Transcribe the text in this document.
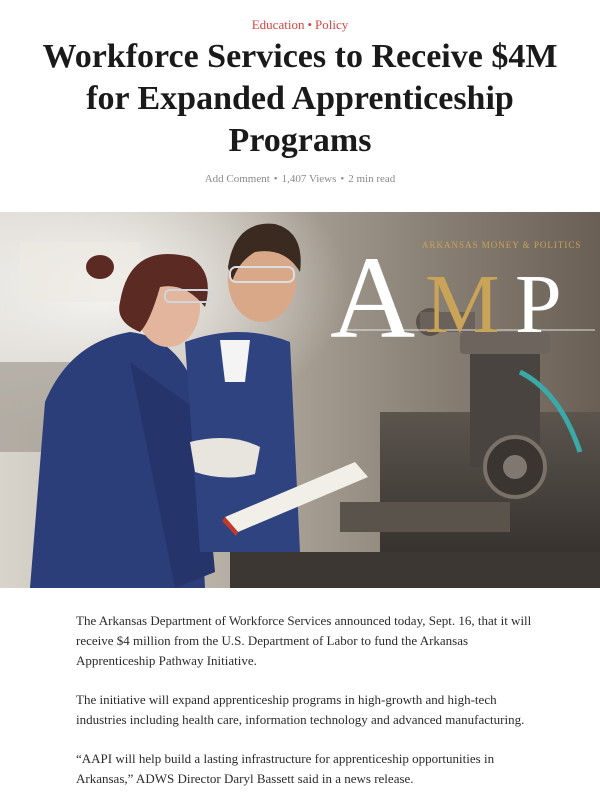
Education • Policy
Workforce Services to Receive $4M for Expanded Apprenticeship Programs
Add Comment • 1,407 Views • 2 min read
A M P
ARKANSAS MONEY & POLITICS

The Arkansas Department of Workforce Services announced today, Sept. 16, that it will receive $4 million from the U.S. Department of Labor to fund the Arkansas Apprenticeship Pathway Initiative.

The initiative will expand apprenticeship programs in high-growth and high-tech industries including health care, information technology and advanced manufacturing.

“AAPI will help build a lasting infrastructure for apprenticeship opportunities in Arkansas,” ADWS Director Daryl Bassett said in a news release.
